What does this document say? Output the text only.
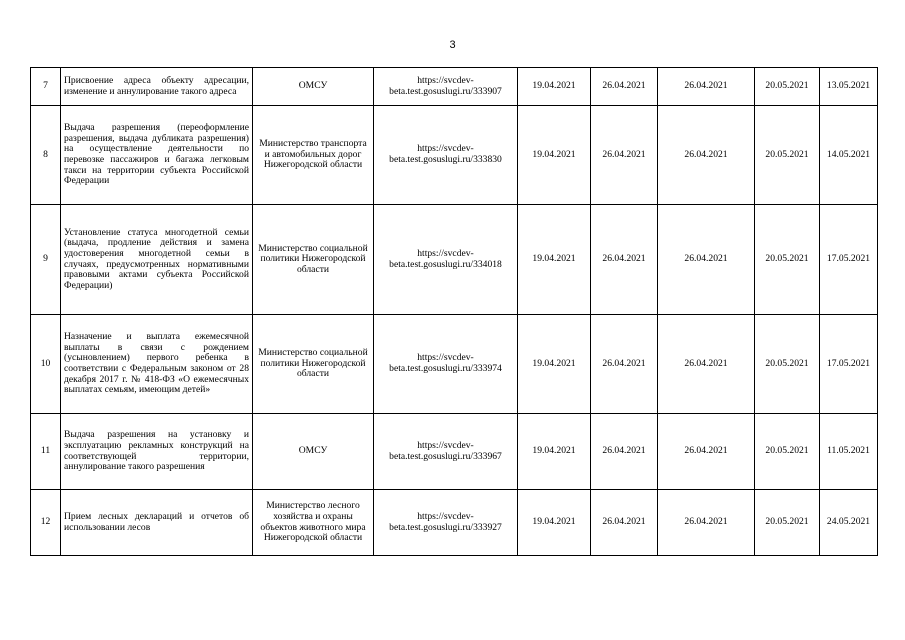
3
7	Присвоение адреса объекту адресации, изменение и аннулирование такого адреса	ОМСУ	https://svcdev-beta.test.gosuslugi.ru/333907	19.04.2021	26.04.2021	26.04.2021	20.05.2021	13.05.2021
8	Выдача разрешения (переоформление разрешения, выдача дубликата разрешения) на осуществление деятельности по перевозке пассажиров и багажа легковым такси на территории субъекта Российской Федерации	Министерство транспорта и автомобильных дорог Нижегородской области	https://svcdev-beta.test.gosuslugi.ru/333830	19.04.2021	26.04.2021	26.04.2021	20.05.2021	14.05.2021
9	Установление статуса многодетной семьи (выдача, продление действия и замена удостоверения многодетной семьи в случаях, предусмотренных нормативными правовыми актами субъекта Российской Федерации)	Министерство социальной политики Нижегородской области	https://svcdev-beta.test.gosuslugi.ru/334018	19.04.2021	26.04.2021	26.04.2021	20.05.2021	17.05.2021
10	Назначение и выплата ежемесячной выплаты в связи с рождением (усыновлением) первого ребенка в соответствии с Федеральным законом от 28 декабря 2017 г. № 418-ФЗ «О ежемесячных выплатах семьям, имеющим детей»	Министерство социальной политики Нижегородской области	https://svcdev-beta.test.gosuslugi.ru/333974	19.04.2021	26.04.2021	26.04.2021	20.05.2021	17.05.2021
11	Выдача разрешения на установку и эксплуатацию рекламных конструкций на соответствующей территории, аннулирование такого разрешения	ОМСУ	https://svcdev-beta.test.gosuslugi.ru/333967	19.04.2021	26.04.2021	26.04.2021	20.05.2021	11.05.2021
12	Прием лесных деклараций и отчетов об использовании лесов	Министерство лесного хозяйства и охраны объектов животного мира Нижегородской области	https://svcdev-beta.test.gosuslugi.ru/333927	19.04.2021	26.04.2021	26.04.2021	20.05.2021	24.05.2021
